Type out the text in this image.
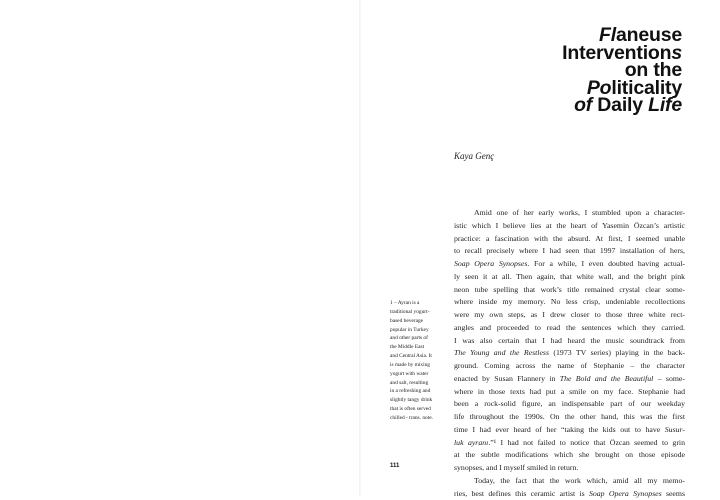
Flaneuse
Interventions
on the
Politicality
of Daily Life
Kaya Genç
1 – Ayran is a
traditional yogurt-
based beverage
popular in Turkey
and other parts of
the Middle East
and Central Asia. It
is made by mixing
yogurt with water
and salt, resulting
in a refreshing and
slightly tangy drink
that is often served
chilled - trans. note.
Amid one of her early works, I stumbled upon a character-
istic which I believe lies at the heart of Yasemin Özcan’s artistic
practice: a fascination with the absurd. At first, I seemed unable
to recall precisely where I had seen that 1997 installation of hers,
Soap Opera Synopses. For a while, I even doubted having actual-
ly seen it at all. Then again, that white wall, and the bright pink
neon tube spelling that work’s title remained crystal clear some-
where inside my memory. No less crisp, undeniable recollections
were my own steps, as I drew closer to those three white rect-
angles and proceeded to read the sentences which they carried.
I was also certain that I had heard the music soundtrack from
The Young and the Restless (1973 TV series) playing in the back-
ground. Coming across the name of Stephanie – the character
enacted by Susan Flannery in The Bold and the Beautiful – some-
where in those texts had put a smile on my face. Stephanie had
been a rock-solid figure, an indispensable part of our weekday
life throughout the 1990s. On the other hand, this was the first
time I had ever heard of her “taking the kids out to have Susur-
luk ayranı.”¹ I had not failed to notice that Özcan seemed to grin
at the subtle modifications which she brought on those episode
synopses, and I myself smiled in return.
Today, the fact that the work which, amid all my memo-
ries, best defines this ceramic artist is Soap Opera Synopses seems
111
